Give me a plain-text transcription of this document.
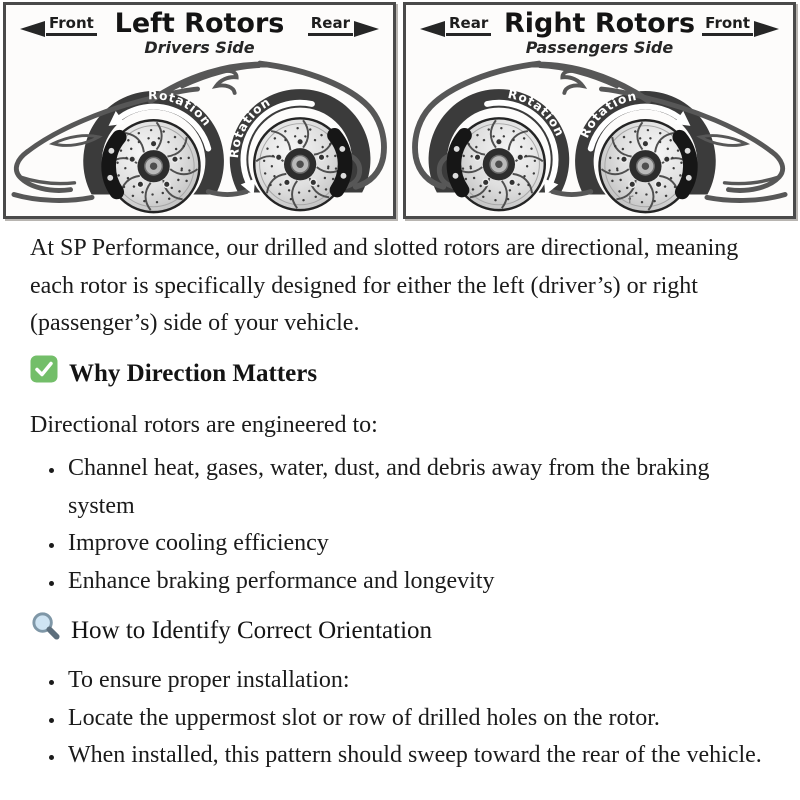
Rotation
Rotation
Front Left Rotors
Drivers Side
Rear
Rotation Rotation
Rear Right Rotors
Passengers Side
Front
r

At SP Performance, our drilled and slotted rotors are directional, meaning each rotor is specifically designed for either the left (driver’s) or right (passenger’s) side of your vehicle.

Why Direction Matters

Directional rotors are engineered to:

• Channel heat, gases, water, dust, and debris away from the braking system
• Improve cooling efficiency
• Enhance braking performance and longevity
How to Identify Correct Orientation
• To ensure proper installation:
• Locate the uppermost slot or row of drilled holes on the rotor.
• When installed, this pattern should sweep toward the rear of the vehicle.
